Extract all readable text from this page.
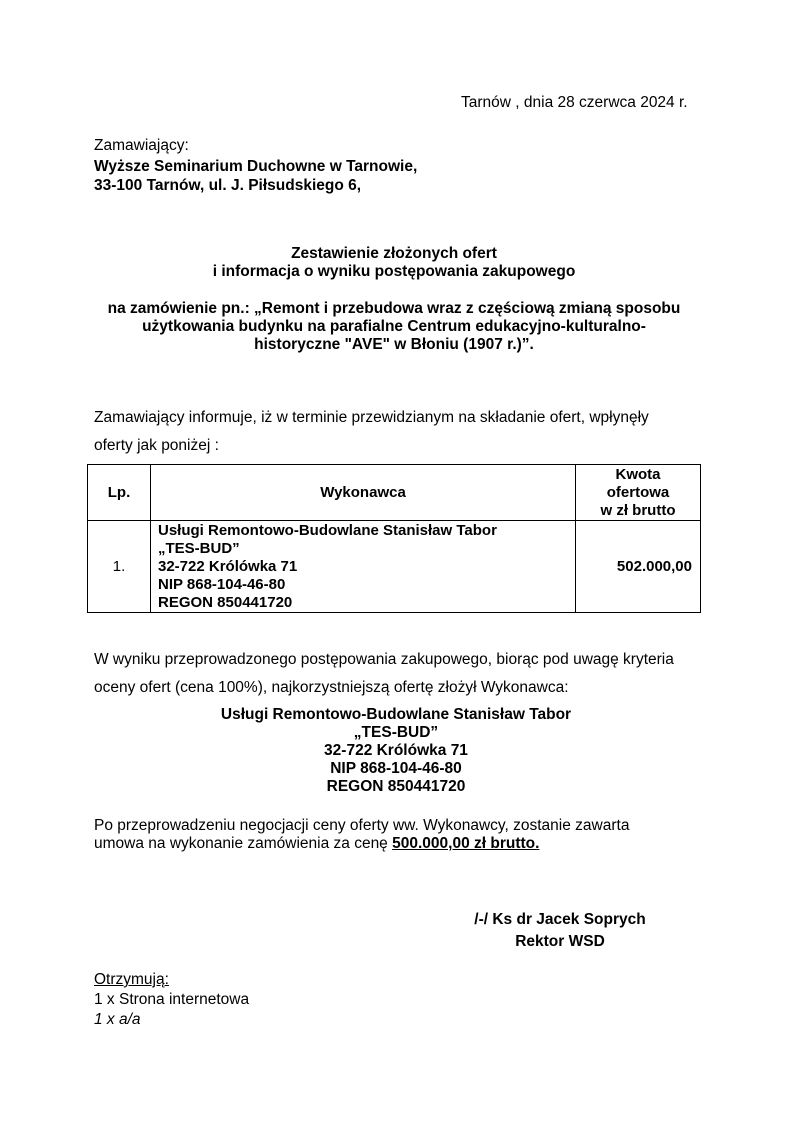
Tarnów , dnia 28 czerwca 2024 r.
Zamawiający:
Wyższe Seminarium Duchowne w Tarnowie,
33-100 Tarnów, ul. J. Piłsudskiego 6,
Zestawienie złożonych ofert
i informacja o wyniku postępowania zakupowego
na zamówienie pn.: „Remont i przebudowa wraz z częściową zmianą sposobu
użytkowania budynku na parafialne Centrum edukacyjno-kulturalno-
historyczne "AVE" w Błoniu (1907 r.)”.
Zamawiający informuje, iż w terminie przewidzianym na składanie ofert, wpłynęły
oferty jak poniżej :
Lp.	Wykonawca	Kwota
ofertowa
w zł brutto

1.	Usługi Remontowo-Budowlane Stanisław Tabor
„TES-BUD”
32-722 Królówka 71
NIP 868-104-46-80
REGON 850441720	502.000,00
W wyniku przeprowadzonego postępowania zakupowego, biorąc pod uwagę kryteria
oceny ofert (cena 100%), najkorzystniejszą ofertę złożył Wykonawca:
Usługi Remontowo-Budowlane Stanisław Tabor
„TES-BUD”
32-722 Królówka 71
NIP 868-104-46-80
REGON 850441720
Po przeprowadzeniu negocjacji ceny oferty ww. Wykonawcy, zostanie zawarta
umowa na wykonanie zamówienia za cenę 500.000,00 zł brutto.
/-/ Ks dr Jacek Soprych
Rektor WSD
Otrzymują:
1 x Strona internetowa
1 x a/a
